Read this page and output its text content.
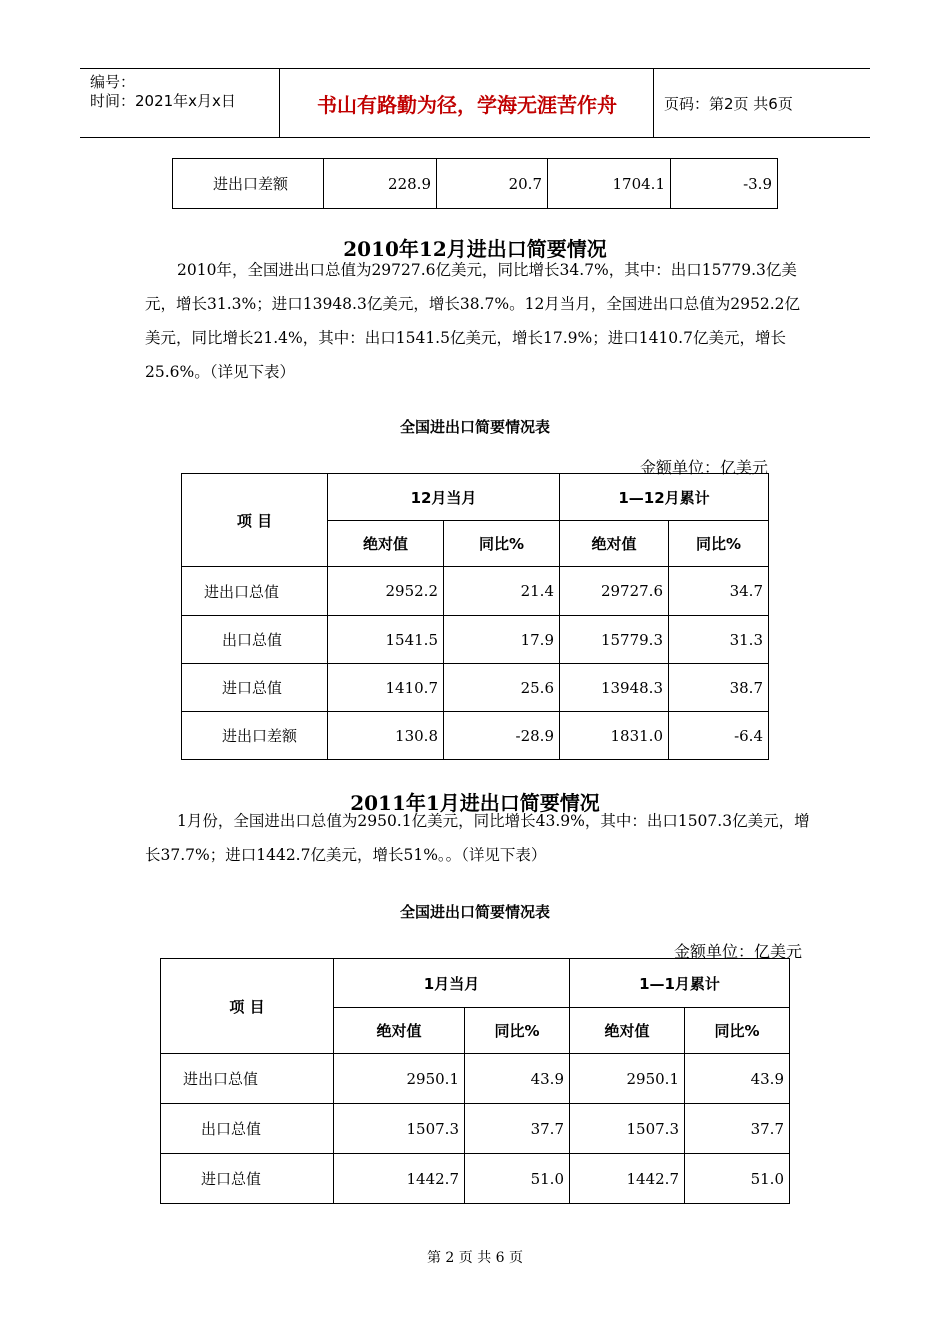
编号：
时间：2021年x月x日	书山有路勤为径，学海无涯苦作舟	页码：第2页 共6页
进出口差额	228.9	20.7	1704.1	-3.9
2010年12月进出口简要情况
2010年，全国进出口总值为29727.6亿美元，同比增长34.7%，其中：出口15779.3亿美元，增长31.3%；进口13948.3亿美元，增长38.7%。12月当月，全国进出口总值为2952.2亿美元，同比增长21.4%，其中：出口1541.5亿美元，增长17.9%；进口1410.7亿美元，增长25.6%。（详见下表）
全国进出口简要情况表
金额单位：亿美元
项 目	12月当月		1—12月累计	
	绝对值	同比%	绝对值	同比%
进出口总值	2952.2	21.4	29727.6	34.7
出口总值	1541.5	17.9	15779.3	31.3
进口总值	1410.7	25.6	13948.3	38.7
进出口差额	130.8	-28.9	1831.0	-6.4
2011年1月进出口简要情况
1月份，全国进出口总值为2950.1亿美元，同比增长43.9%，其中：出口1507.3亿美元，增长37.7%；进口1442.7亿美元，增长51%。。（详见下表）
全国进出口简要情况表
金额单位：亿美元
项 目	1月当月		1—1月累计	
	绝对值	同比%	绝对值	同比%
进出口总值	2950.1	43.9	2950.1	43.9
出口总值	1507.3	37.7	1507.3	37.7
进口总值	1442.7	51.0	1442.7	51.0
第 2 页 共 6 页
